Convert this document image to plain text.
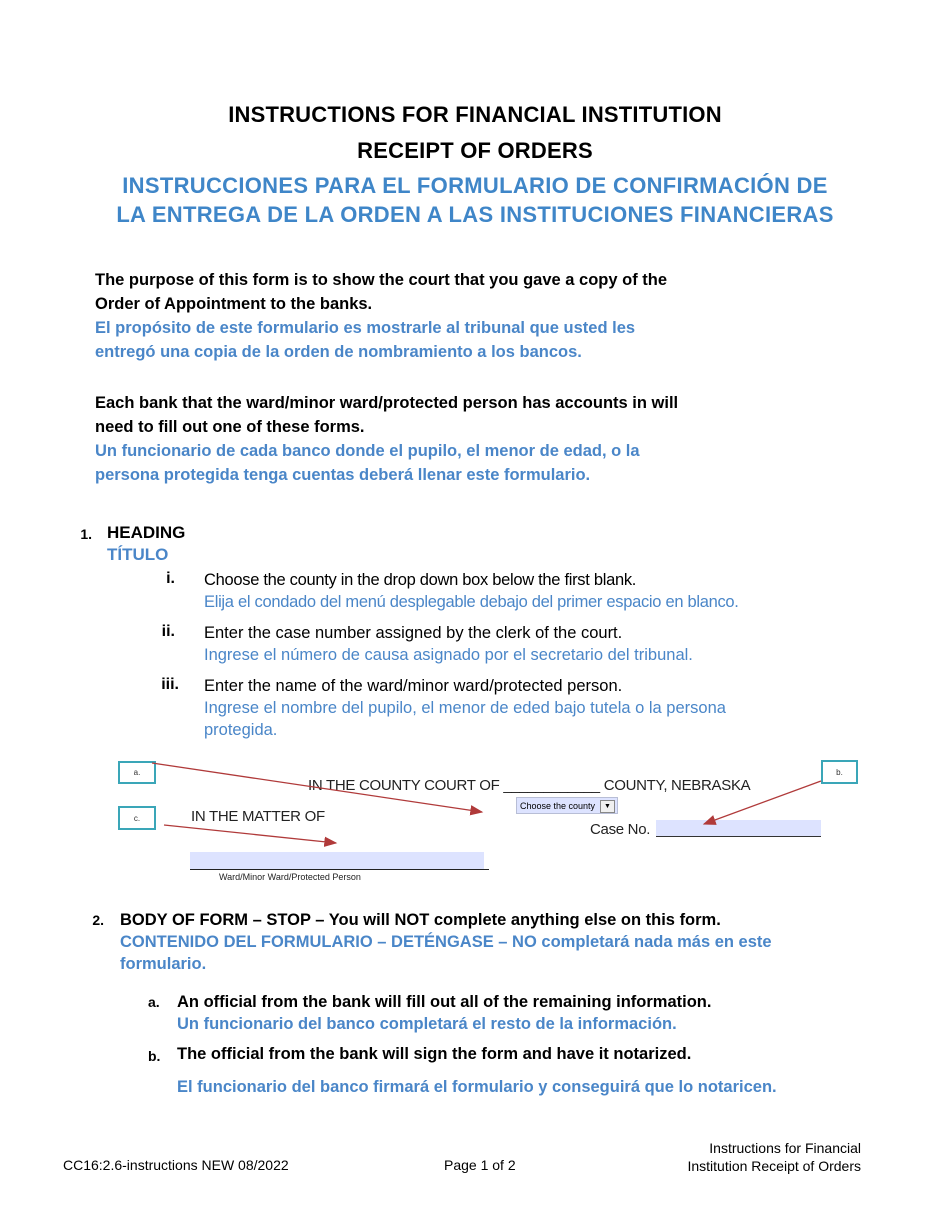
INSTRUCTIONS FOR FINANCIAL INSTITUTION
RECEIPT OF ORDERS
INSTRUCCIONES PARA EL FORMULARIO DE CONFIRMACIÓN DE
LA ENTREGA DE LA ORDEN A LAS INSTITUCIONES FINANCIERAS
The purpose of this form is to show the court that you gave a copy of the
Order of Appointment to the banks.
El propósito de este formulario es mostrarle al tribunal que usted les
entregó una copia de la orden de nombramiento a los bancos.
Each bank that the ward/minor ward/protected person has accounts in will
need to fill out one of these forms.
Un funcionario de cada banco donde el pupilo, el menor de edad, o la
persona protegida tenga cuentas deberá llenar este formulario.
1. HEADING
TÍTULO
i. Choose the county in the drop down box below the first blank.
Elija el condado del menú desplegable debajo del primer espacio en blanco.
ii. Enter the case number assigned by the clerk of the court.
Ingrese el número de causa asignado por el secretario del tribunal.
iii. Enter the name of the ward/minor ward/protected person.
Ingrese el nombre del pupilo, el menor de eded bajo tutela o la persona
protegida.
a.	b.
c.
IN THE COUNTY COURT OF ____________ COUNTY, NEBRASKA
Choose the county	▼
IN THE MATTER OF
Case No.
Ward/Minor Ward/Protected Person
2. BODY OF FORM – STOP – You will NOT complete anything else on this form.
CONTENIDO DEL FORMULARIO – DETÉNGASE – NO completará nada más en este
formulario.
a. An official from the bank will fill out all of the remaining information.
Un funcionario del banco completará el resto de la información.
b. The official from the bank will sign the form and have it notarized.
El funcionario del banco firmará el formulario y conseguirá que lo notaricen.
CC16:2.6-instructions NEW 08/2022	Page 1 of 2
Instructions for Financial
Institution Receipt of Orders
